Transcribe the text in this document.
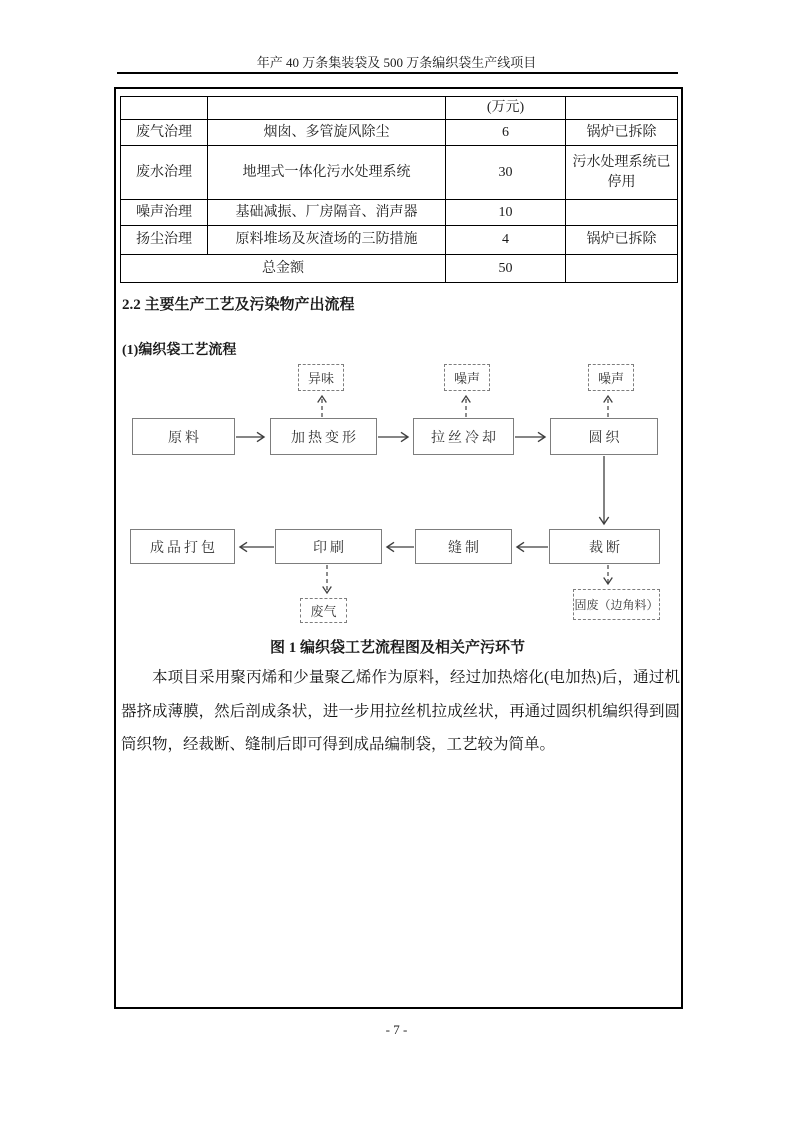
年产 40 万条集装袋及 500 万条编织袋生产线项目
		(万元)	
废气治理	烟囱、多管旋风除尘	6	锅炉已拆除
废水治理	地埋式一体化污水处理系统	30	污水处理系统已停用
噪声治理	基础减振、厂房隔音、消声器	10	
扬尘治理	原料堆场及灰渣场的三防措施	4	锅炉已拆除
总金额		50	
2.2 主要生产工艺及污染物产出流程
(1)编织袋工艺流程
原料	加热变形	拉丝冷却	圆织
裁断
缝制
印刷
成品打包
异味	噪声	噪声
废气	固废（边角料）
图 1 编织袋工艺流程图及相关产污环节
本项目采用聚丙烯和少量聚乙烯作为原料，经过加热熔化(电加热)后，通过机器挤成薄膜，然后剖成条状，进一步用拉丝机拉成丝状，再通过圆织机编织得到圆筒织物，经裁断、缝制后即可得到成品编制袋，工艺较为简单。
- 7 -
